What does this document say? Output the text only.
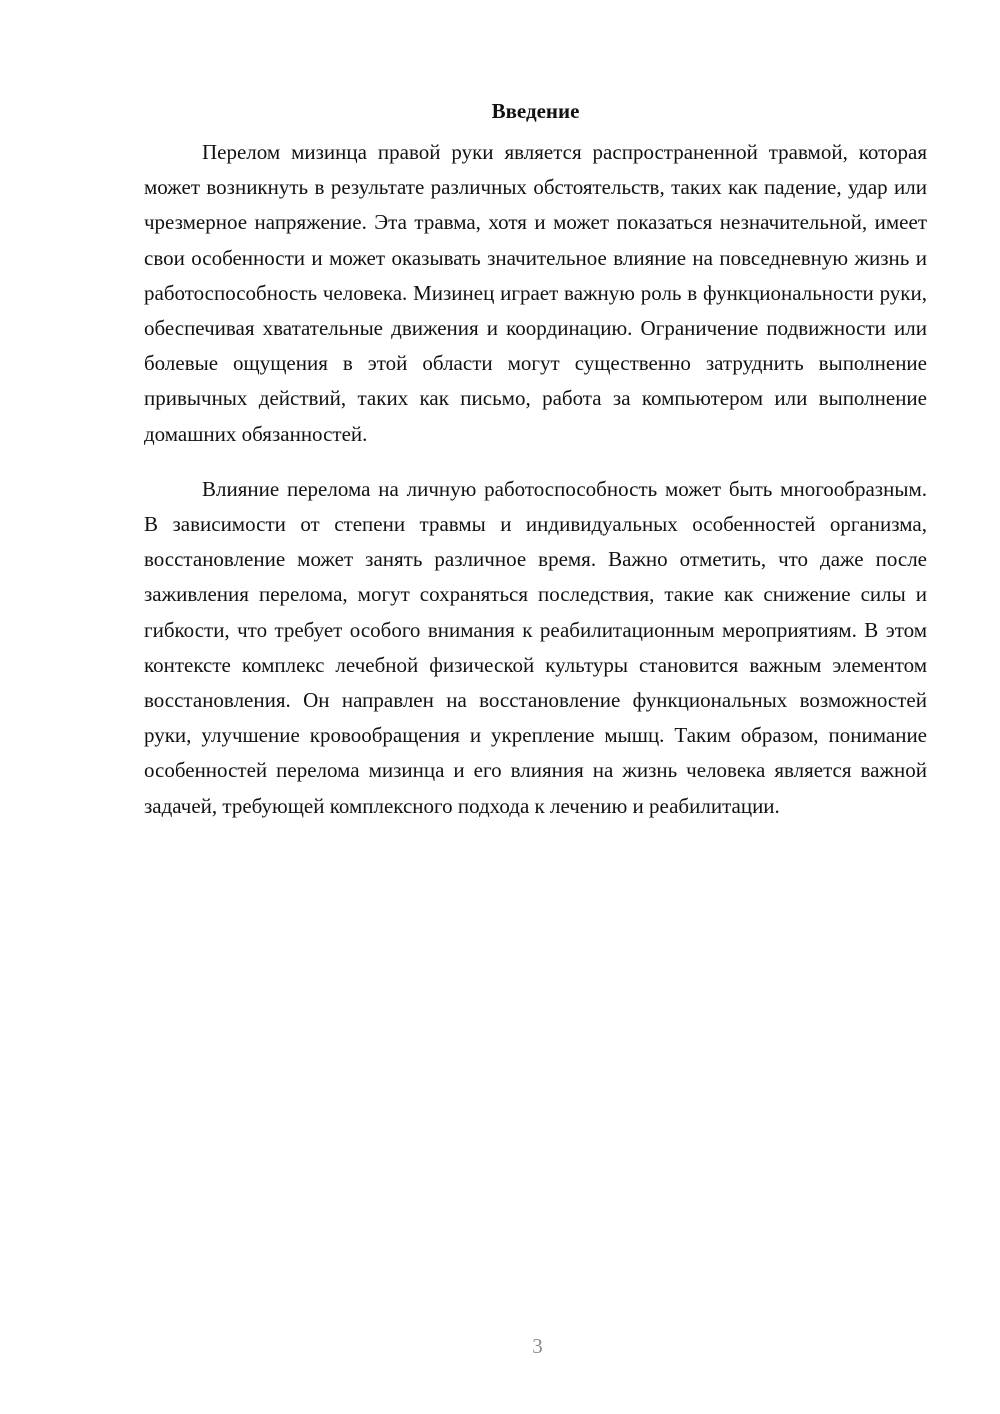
Введение

Перелом мизинца правой руки является распространенной травмой, которая может возникнуть в результате различных обстоятельств, таких как падение, удар или чрезмерное напряжение. Эта травма, хотя и может показаться незначительной, имеет свои особенности и может оказывать значительное влияние на повседневную жизнь и работоспособность человека. Мизинец играет важную роль в функциональности руки, обеспечивая хватательные движения и координацию. Ограничение подвижности или болевые ощущения в этой области могут существенно затруднить выполнение привычных действий, таких как письмо, работа за компьютером или выполнение домашних обязанностей.

Влияние перелома на личную работоспособность может быть многообразным. В зависимости от степени травмы и индивидуальных особенностей организма, восстановление может занять различное время. Важно отметить, что даже после заживления перелома, могут сохраняться последствия, такие как снижение силы и гибкости, что требует особого внимания к реабилитационным мероприятиям. В этом контексте комплекс лечебной физической культуры становится важным элементом восстановления. Он направлен на восстановление функциональных возможностей руки, улучшение кровообращения и укрепление мышц. Таким образом, понимание особенностей перелома мизинца и его влияния на жизнь человека является важной задачей, требующей комплексного подхода к лечению и реабилитации.

3
